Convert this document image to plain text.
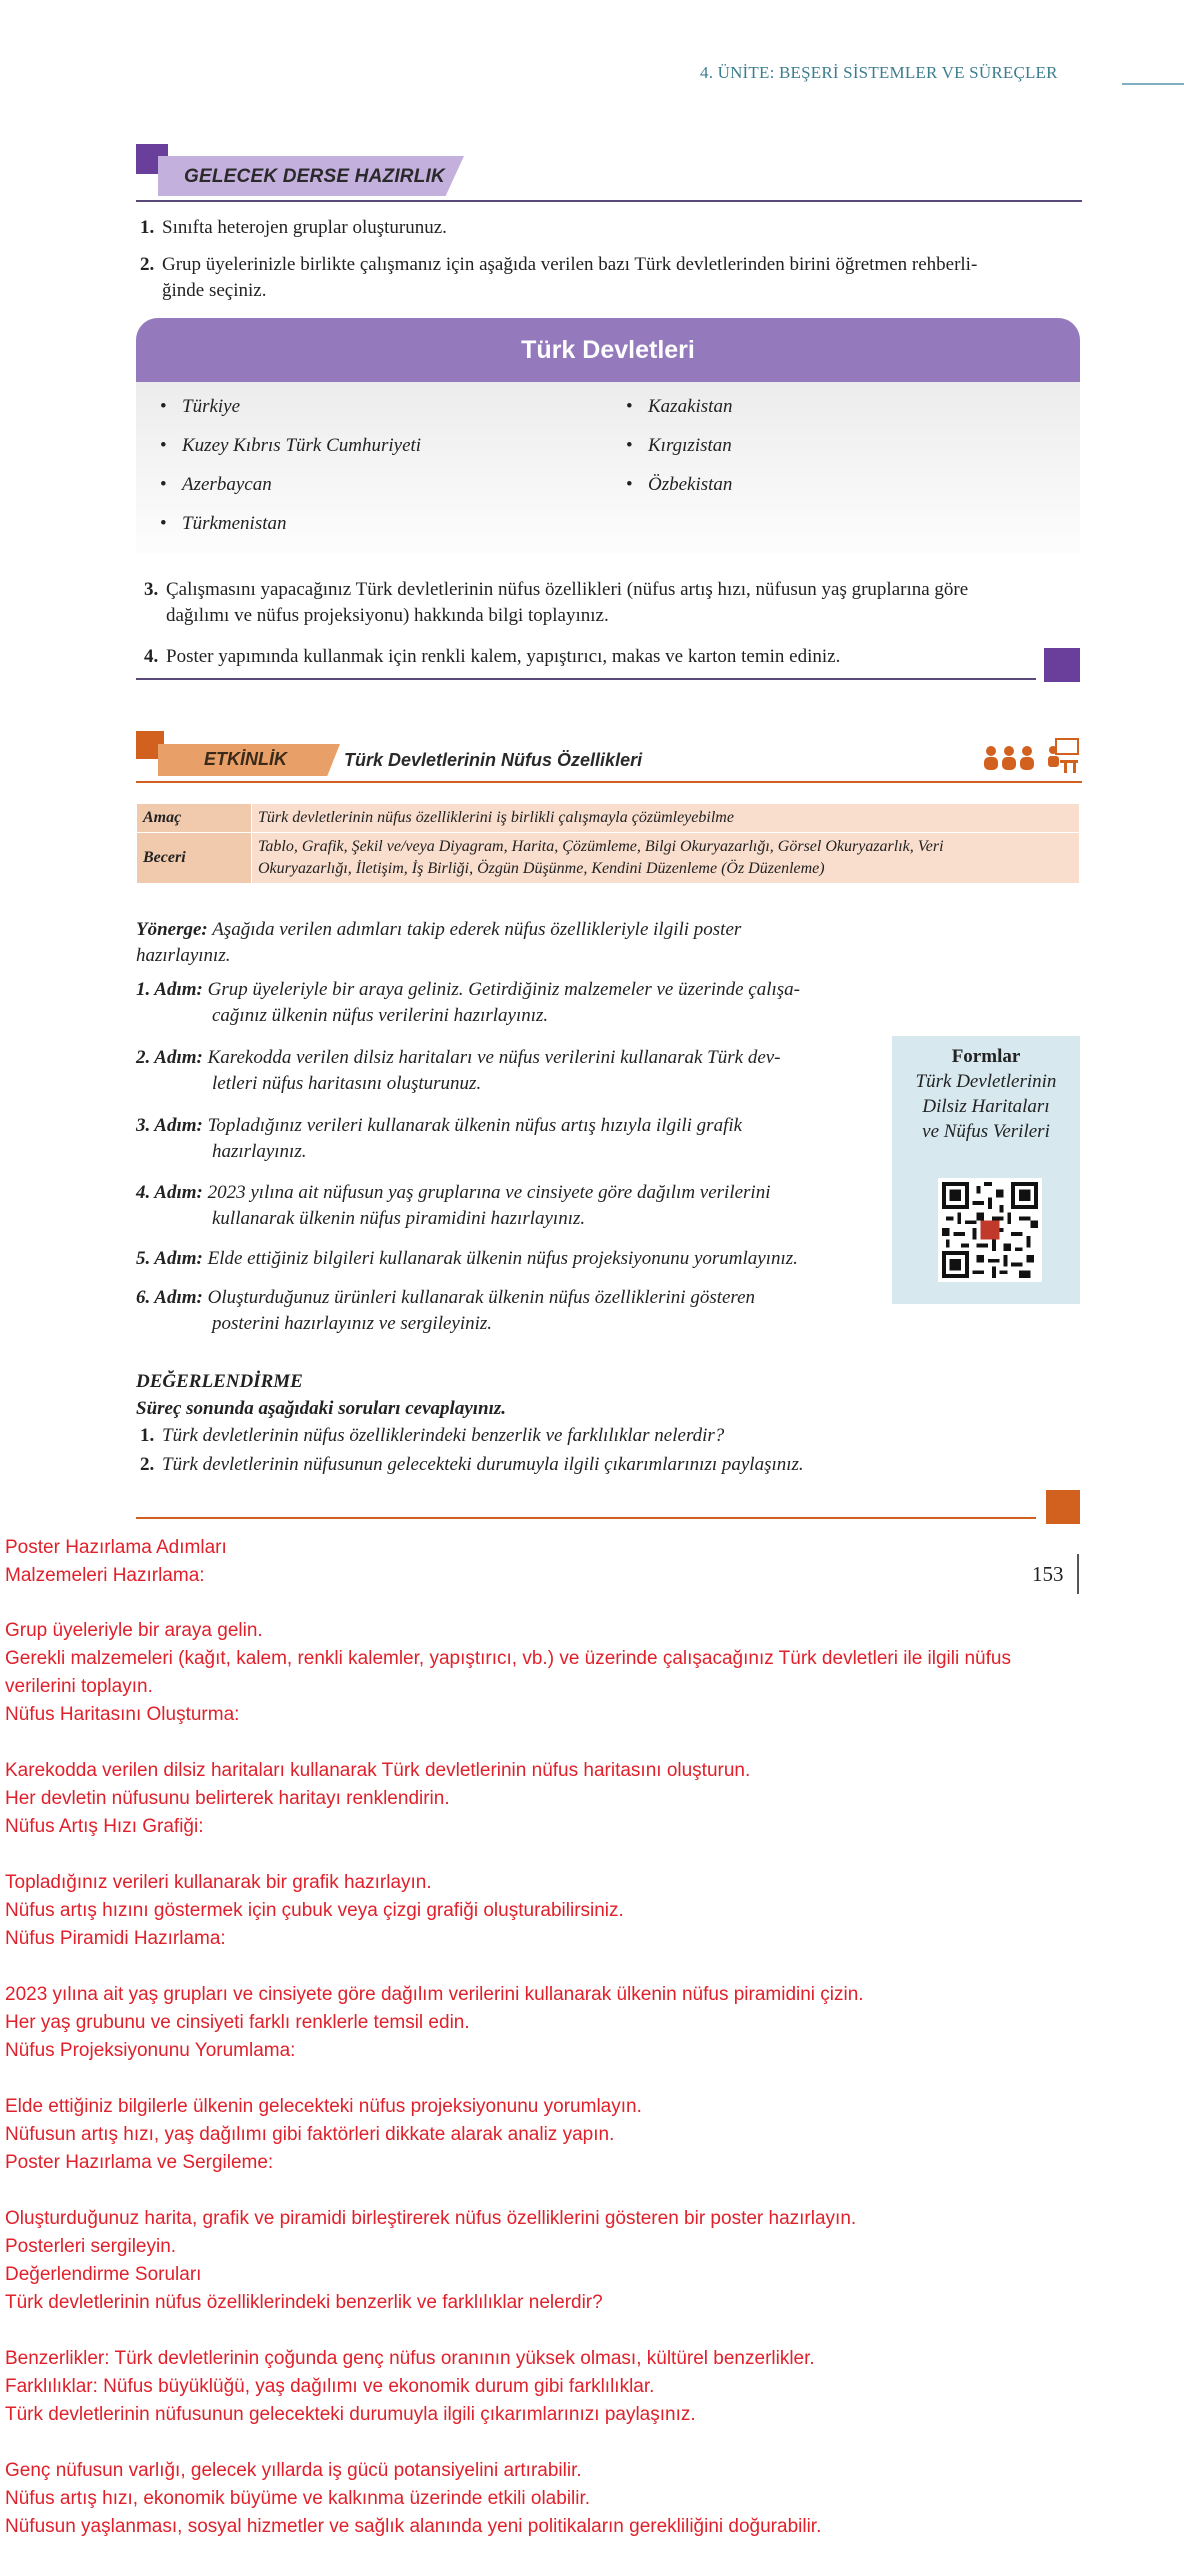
4. ÜNİTE: BEŞERİ SİSTEMLER VE SÜREÇLER
GELECEK DERSE HAZIRLIK
1. Sınıfta heterojen gruplar oluşturunuz.
2. Grup üyelerinizle birlikte çalışmanız için aşağıda verilen bazı Türk devletlerinden birini öğretmen rehberli-
ğinde seçiniz.
Türk Devletleri
• Türkiye
• Kuzey Kıbrıs Türk Cumhuriyeti
• Azerbaycan
• Türkmenistan
• Kazakistan
• Kırgızistan
• Özbekistan
3. Çalışmasını yapacağınız Türk devletlerinin nüfus özellikleri (nüfus artış hızı, nüfusun yaş gruplarına göre
dağılımı ve nüfus projeksiyonu) hakkında bilgi toplayınız.
4. Poster yapımında kullanmak için renkli kalem, yapıştırıcı, makas ve karton temin ediniz.
ETKİNLİK	Türk Devletlerinin Nüfus Özellikleri
Amaç	Türk devletlerinin nüfus özelliklerini iş birlikli çalışmayla çözümleyebilme
Beceri	Tablo, Grafik, Şekil ve/veya Diyagram, Harita, Çözümleme, Bilgi Okuryazarlığı, Görsel Okuryazarlık, Veri
Okuryazarlığı, İletişim, İş Birliği, Özgün Düşünme, Kendini Düzenleme (Öz Düzenleme)
Yönerge: Aşağıda verilen adımları takip ederek nüfus özellikleriyle ilgili poster
hazırlayınız.
1. Adım: Grup üyeleriyle bir araya geliniz. Getirdiğiniz malzemeler ve üzerinde çalışa-
cağınız ülkenin nüfus verilerini hazırlayınız.
2. Adım: Karekodda verilen dilsiz haritaları ve nüfus verilerini kullanarak Türk dev-
letleri nüfus haritasını oluşturunuz.
3. Adım: Topladığınız verileri kullanarak ülkenin nüfus artış hızıyla ilgili grafik
hazırlayınız.
4. Adım: 2023 yılına ait nüfusun yaş gruplarına ve cinsiyete göre dağılım verilerini
kullanarak ülkenin nüfus piramidini hazırlayınız.
5. Adım: Elde ettiğiniz bilgileri kullanarak ülkenin nüfus projeksiyonunu yorumlayınız.
6. Adım: Oluşturduğunuz ürünleri kullanarak ülkenin nüfus özelliklerini gösteren
posterini hazırlayınız ve sergileyiniz.
Formlar
Türk Devletlerinin
Dilsiz Haritaları
ve Nüfus Verileri
DEĞERLENDİRME
Süreç sonunda aşağıdaki soruları cevaplayınız.
1. Türk devletlerinin nüfus özelliklerindeki benzerlik ve farklılıklar nelerdir?
2. Türk devletlerinin nüfusunun gelecekteki durumuyla ilgili çıkarımlarınızı paylaşınız.
153
Poster Hazırlama Adımları
Malzemeleri Hazırlama:
Grup üyeleriyle bir araya gelin.
Gerekli malzemeleri (kağıt, kalem, renkli kalemler, yapıştırıcı, vb.) ve üzerinde çalışacağınız Türk devletleri ile ilgili nüfus
verilerini toplayın.
Nüfus Haritasını Oluşturma:
Karekodda verilen dilsiz haritaları kullanarak Türk devletlerinin nüfus haritasını oluşturun.
Her devletin nüfusunu belirterek haritayı renklendirin.
Nüfus Artış Hızı Grafiği:
Topladığınız verileri kullanarak bir grafik hazırlayın.
Nüfus artış hızını göstermek için çubuk veya çizgi grafiği oluşturabilirsiniz.
Nüfus Piramidi Hazırlama:
2023 yılına ait yaş grupları ve cinsiyete göre dağılım verilerini kullanarak ülkenin nüfus piramidini çizin.
Her yaş grubunu ve cinsiyeti farklı renklerle temsil edin.
Nüfus Projeksiyonunu Yorumlama:
Elde ettiğiniz bilgilerle ülkenin gelecekteki nüfus projeksiyonunu yorumlayın.
Nüfusun artış hızı, yaş dağılımı gibi faktörleri dikkate alarak analiz yapın.
Poster Hazırlama ve Sergileme:
Oluşturduğunuz harita, grafik ve piramidi birleştirerek nüfus özelliklerini gösteren bir poster hazırlayın.
Posterleri sergileyin.
Değerlendirme Soruları
Türk devletlerinin nüfus özelliklerindeki benzerlik ve farklılıklar nelerdir?
Benzerlikler: Türk devletlerinin çoğunda genç nüfus oranının yüksek olması, kültürel benzerlikler.
Farklılıklar: Nüfus büyüklüğü, yaş dağılımı ve ekonomik durum gibi farklılıklar.
Türk devletlerinin nüfusunun gelecekteki durumuyla ilgili çıkarımlarınızı paylaşınız.
Genç nüfusun varlığı, gelecek yıllarda iş gücü potansiyelini artırabilir.
Nüfus artış hızı, ekonomik büyüme ve kalkınma üzerinde etkili olabilir.
Nüfusun yaşlanması, sosyal hizmetler ve sağlık alanında yeni politikaların gerekliliğini doğurabilir.
